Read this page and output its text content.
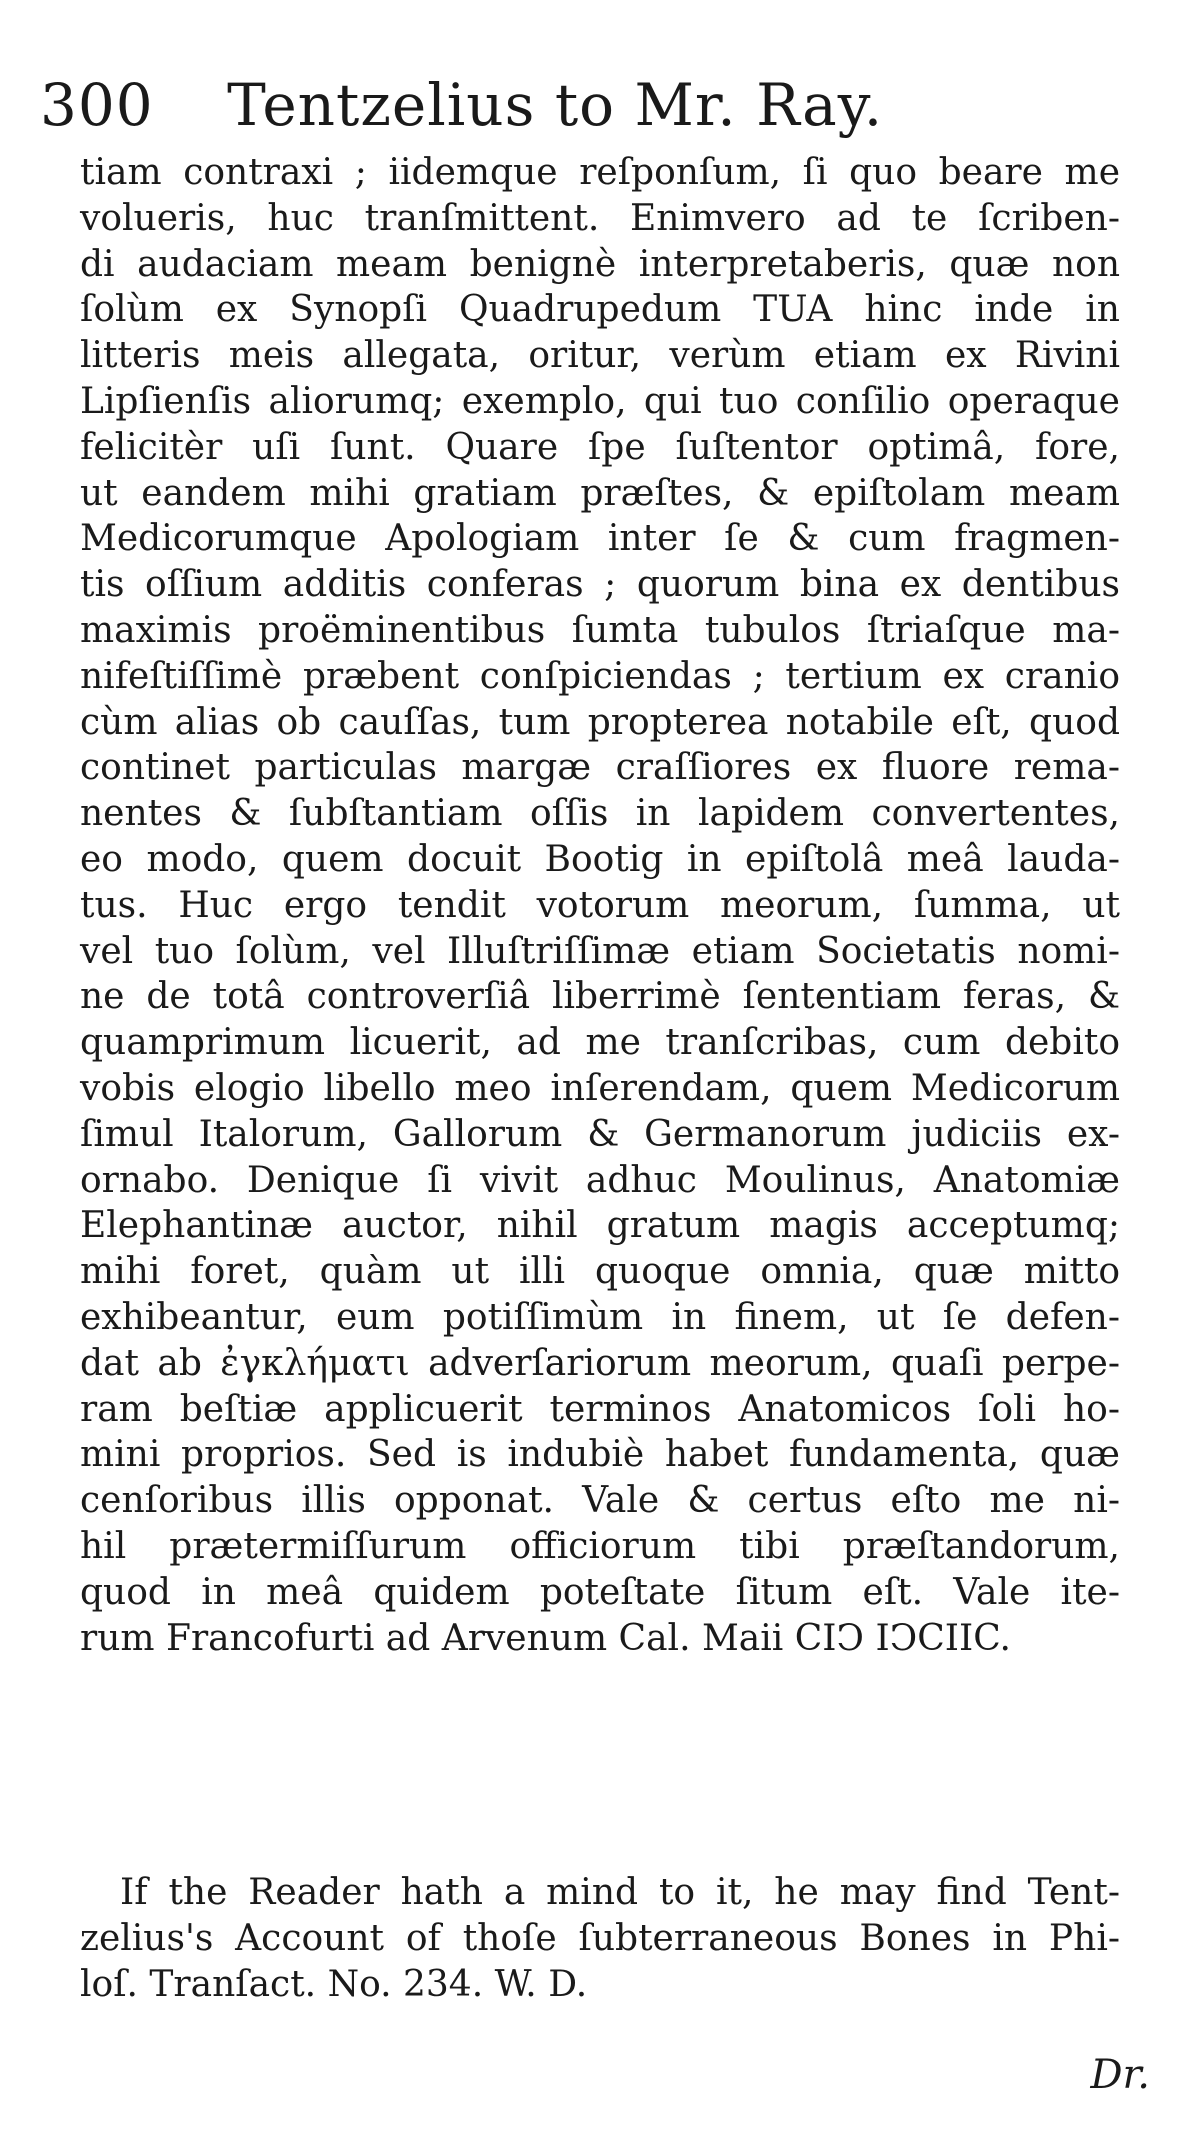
300 Tentzelius to Mr. Ray.
tiam contraxi ; iidemque reſponſum, ſi quo beare me
volueris, huc tranſmittent. Enimvero ad te ſcriben-
di audaciam meam benignè interpretaberis, quæ non
ſolùm ex Synopſi Quadrupedum TUA hinc inde in
litteris meis allegata, oritur, verùm etiam ex Rivini
Lipſienſis aliorumq; exemplo, qui tuo conſilio operaque
felicitèr uſi ſunt. Quare ſpe ſuſtentor optimâ, fore,
ut eandem mihi gratiam præſtes, & epiſtolam meam
Medicorumque Apologiam inter ſe & cum fragmen-
tis oſſium additis conferas ; quorum bina ex dentibus
maximis proëminentibus ſumta tubulos ſtriaſque ma-
nifeſtiſſimè præbent conſpiciendas ; tertium ex cranio
cùm alias ob cauſſas, tum propterea notabile eſt, quod
continet particulas margæ craſſiores ex fluore rema-
nentes & ſubſtantiam oſſis in lapidem convertentes,
eo modo, quem docuit Bootig in epiſtolâ meâ lauda-
tus. Huc ergo tendit votorum meorum, ſumma, ut
vel tuo ſolùm, vel Illuſtriſſimæ etiam Societatis nomi-
ne de totâ controverſiâ liberrimè ſententiam feras, &
quamprimum licuerit, ad me tranſcribas, cum debito
vobis elogio libello meo inſerendam, quem Medicorum
ſimul Italorum, Gallorum & Germanorum judiciis ex-
ornabo. Denique ſi vivit adhuc Moulinus, Anatomiæ
Elephantinæ auctor, nihil gratum magis acceptumq;
mihi foret, quàm ut illi quoque omnia, quæ mitto
exhibeantur, eum potiſſimùm in finem, ut ſe defen-
dat ab ἐγκλήματι adverſariorum meorum, quaſi perpe-
ram beſtiæ applicuerit terminos Anatomicos ſoli ho-
mini proprios. Sed is indubiè habet fundamenta, quæ
cenſoribus illis opponat. Vale & certus eſto me ni-
hil prætermiſſurum officiorum tibi præſtandorum,
quod in meâ quidem poteſtate ſitum eſt. Vale ite-
rum Francofurti ad Arvenum Cal. Maii CIϽ IϽCIIC.
If the Reader hath a mind to it, he may find Tent-
zelius's Account of thoſe ſubterraneous Bones in Phi-
loſ. Tranſact. No. 234. W. D.
Dr.
